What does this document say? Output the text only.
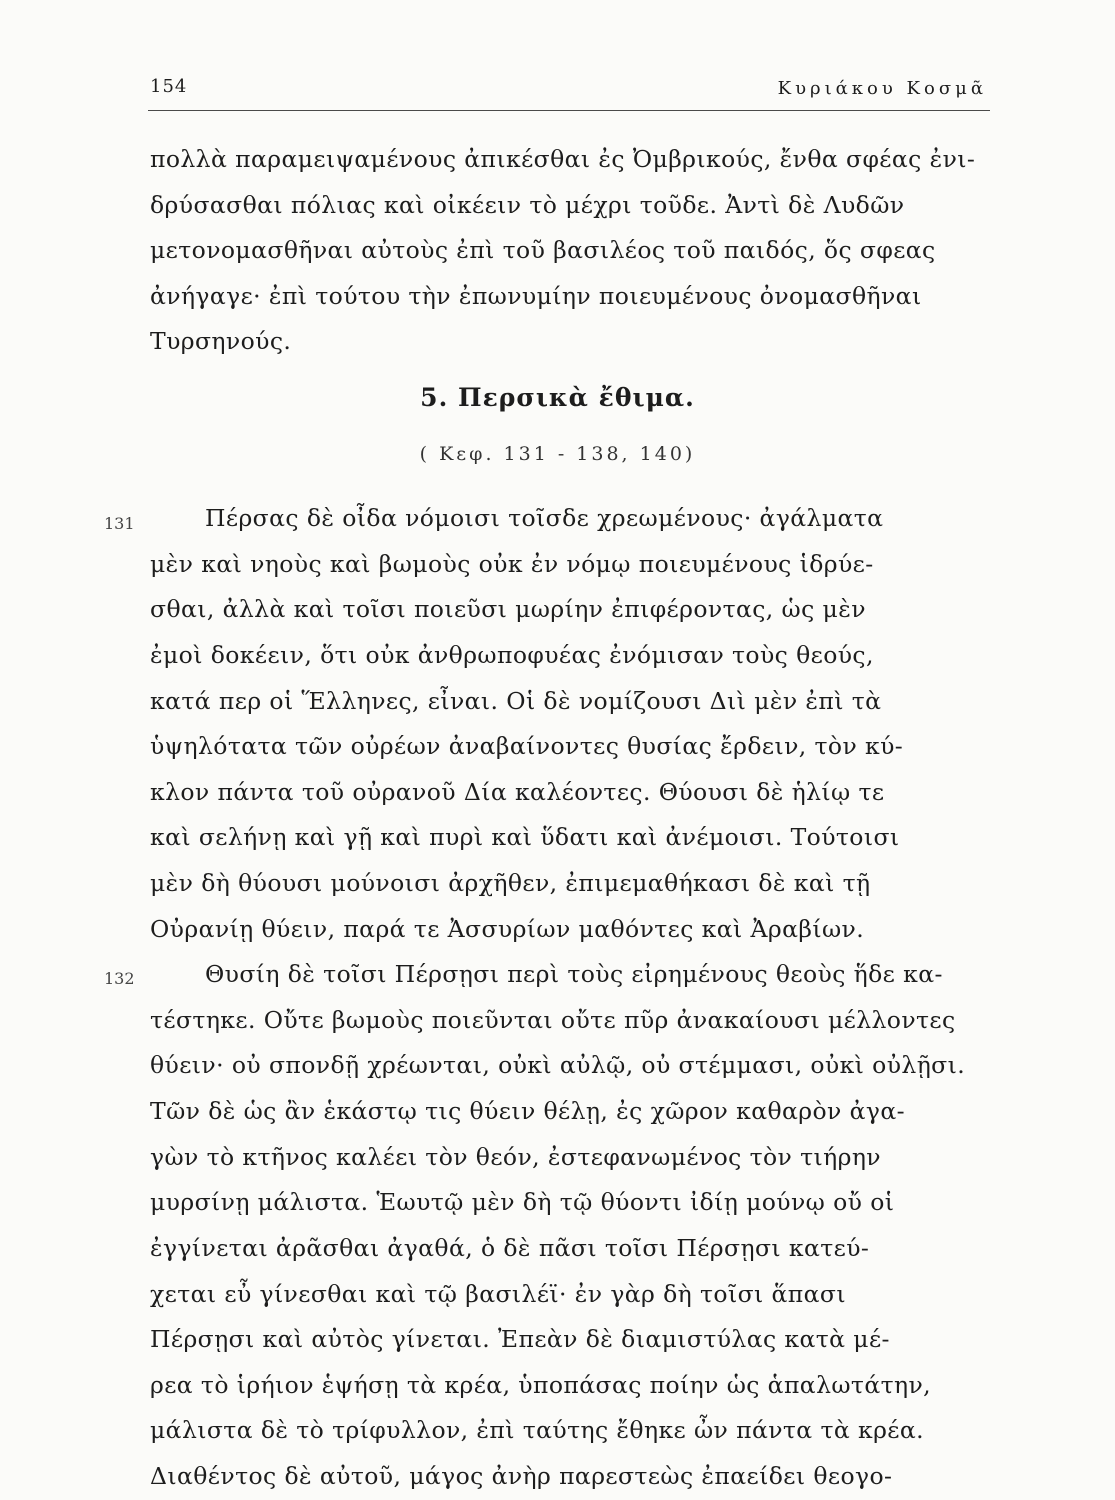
154	Κυριάκου Κοσμᾶ
πολλὰ παραμειψαμένους ἀπικέσθαι ἐς Ὀμβρικούς, ἔνθα σφέας ἐνι-
δρύσασθαι πόλιας καὶ οἰκέειν τὸ μέχρι τοῦδε. Ἀντὶ δὲ Λυδῶν
μετονομασθῆναι αὐτοὺς ἐπὶ τοῦ βασιλέος τοῦ παιδός, ὅς σφεας
ἀνήγαγε· ἐπὶ τούτου τὴν ἐπωνυμίην ποιευμένους ὀνομασθῆναι
Τυρσηνούς.
5. Περσικὰ ἔθιμα.
( Κεφ. 131 - 138, 140)
131	Πέρσας δὲ οἶδα νόμοισι τοῖσδε χρεωμένους· ἀγάλματα
μὲν καὶ νηοὺς καὶ βωμοὺς οὐκ ἐν νόμῳ ποιευμένους ἱδρύε-
σθαι, ἀλλὰ καὶ τοῖσι ποιεῦσι μωρίην ἐπιφέροντας, ὡς μὲν
ἐμοὶ δοκέειν, ὅτι οὐκ ἀνθρωποφυέας ἐνόμισαν τοὺς θεούς,
κατά περ οἱ Ἕλληνες, εἶναι. Οἱ δὲ νομίζουσι Διὶ μὲν ἐπὶ τὰ
ὑψηλότατα τῶν οὐρέων ἀναβαίνοντες θυσίας ἔρδειν, τὸν κύ-
κλον πάντα τοῦ οὐρανοῦ Δία καλέοντες. Θύουσι δὲ ἡλίῳ τε
καὶ σελήνῃ καὶ γῇ καὶ πυρὶ καὶ ὕδατι καὶ ἀνέμοισι. Τούτοισι
μὲν δὴ θύουσι μούνοισι ἀρχῆθεν, ἐπιμεμαθήκασι δὲ καὶ τῇ
Οὐρανίῃ θύειν, παρά τε Ἀσσυρίων μαθόντες καὶ Ἀραβίων.
132	Θυσίη δὲ τοῖσι Πέρσῃσι περὶ τοὺς εἰρημένους θεοὺς ἥδε κα-
τέστηκε. Οὔτε βωμοὺς ποιεῦνται οὔτε πῦρ ἀνακαίουσι μέλλοντες
θύειν· οὐ σπονδῇ χρέωνται, οὐκὶ αὐλῷ, οὐ στέμμασι, οὐκὶ οὐλῇσι.
Τῶν δὲ ὡς ἂν ἑκάστῳ τις θύειν θέλῃ, ἐς χῶρον καθαρὸν ἀγα-
γὼν τὸ κτῆνος καλέει τὸν θεόν, ἐστεφανωμένος τὸν τιήρην
μυρσίνῃ μάλιστα. Ἑωυτῷ μὲν δὴ τῷ θύοντι ἰδίῃ μούνῳ οὔ οἱ
ἐγγίνεται ἀρᾶσθαι ἀγαθά, ὁ δὲ πᾶσι τοῖσι Πέρσῃσι κατεύ-
χεται εὖ γίνεσθαι καὶ τῷ βασιλέϊ· ἐν γὰρ δὴ τοῖσι ἅπασι
Πέρσῃσι καὶ αὐτὸς γίνεται. Ἐπεὰν δὲ διαμιστύλας κατὰ μέ-
ρεα τὸ ἱρήιον ἑψήσῃ τὰ κρέα, ὑποπάσας ποίην ὡς ἁπαλωτάτην,
μάλιστα δὲ τὸ τρίφυλλον, ἐπὶ ταύτης ἔθηκε ὦν πάντα τὰ κρέα.
Διαθέντος δὲ αὐτοῦ, μάγος ἀνὴρ παρεστεὼς ἐπαείδει θεογο-
